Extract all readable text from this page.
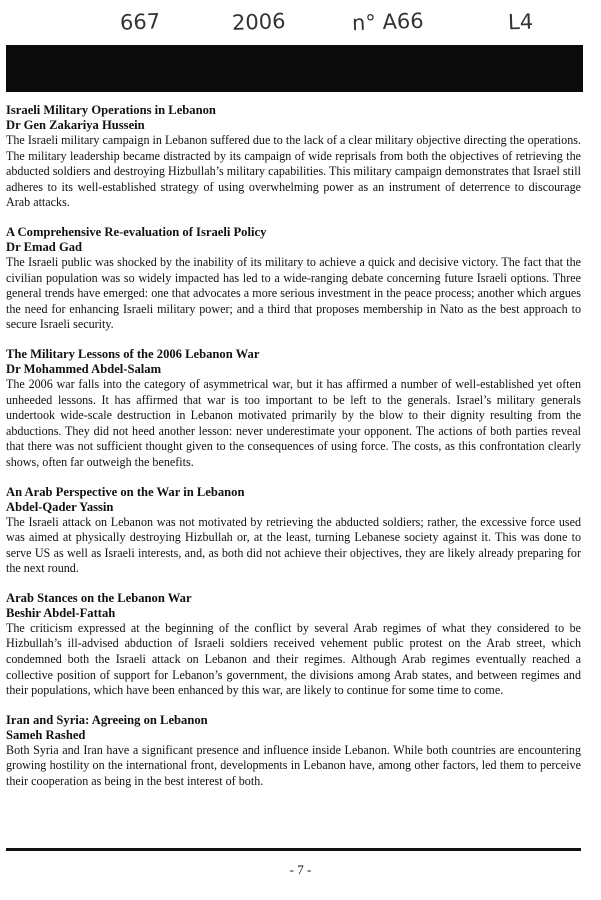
667	2006	n° A66	L4
Israeli Military Operations in Lebanon
Dr Gen Zakariya Hussein

The Israeli military campaign in Lebanon suffered due to the lack of a clear military objective directing the operations. The military leadership became distracted by its campaign of wide reprisals from both the objectives of retrieving the abducted soldiers and destroying Hizbullah’s military capabilities. This military campaign demonstrates that Israel still adheres to its well-established strategy of using overwhelming power as an instrument of deterrence to discourage Arab attacks.

A Comprehensive Re-evaluation of Israeli Policy
Dr Emad Gad

The Israeli public was shocked by the inability of its military to achieve a quick and decisive victory. The fact that the civilian population was so widely impacted has led to a wide-ranging debate concerning future Israeli options. Three general trends have emerged: one that advocates a more serious investment in the peace process; another which argues the need for enhancing Israeli military power; and a third that proposes membership in Nato as the best approach to secure Israeli security.

The Military Lessons of the 2006 Lebanon War
Dr Mohammed Abdel-Salam

The 2006 war falls into the category of asymmetrical war, but it has affirmed a number of well-established yet often unheeded lessons. It has affirmed that war is too important to be left to the generals. Israel’s military generals undertook wide-scale destruction in Lebanon motivated primarily by the blow to their dignity resulting from the abductions. They did not heed another lesson: never underestimate your opponent. The actions of both parties reveal that there was not sufficient thought given to the consequences of using force. The costs, as this confrontation clearly shows, often far outweigh the benefits.

An Arab Perspective on the War in Lebanon
Abdel-Qader Yassin

The Israeli attack on Lebanon was not motivated by retrieving the abducted soldiers; rather, the excessive force used was aimed at physically destroying Hizbullah or, at the least, turning Lebanese society against it. This was done to serve US as well as Israeli interests, and, as both did not achieve their objectives, they are likely already preparing for the next round.

Arab Stances on the Lebanon War
Beshir Abdel-Fattah

The criticism expressed at the beginning of the conflict by several Arab regimes of what they considered to be Hizbullah’s ill-advised abduction of Israeli soldiers received vehement public protest on the Arab street, which condemned both the Israeli attack on Lebanon and their regimes. Although Arab regimes eventually reached a collective position of support for Lebanon’s government, the divisions among Arab states, and between regimes and their populations, which have been enhanced by this war, are likely to continue for some time to come.

Iran and Syria: Agreeing on Lebanon
Sameh Rashed

Both Syria and Iran have a significant presence and influence inside Lebanon. While both countries are encountering growing hostility on the international front, developments in Lebanon have, among other factors, led them to perceive their cooperation as being in the best interest of both.

- 7 -
